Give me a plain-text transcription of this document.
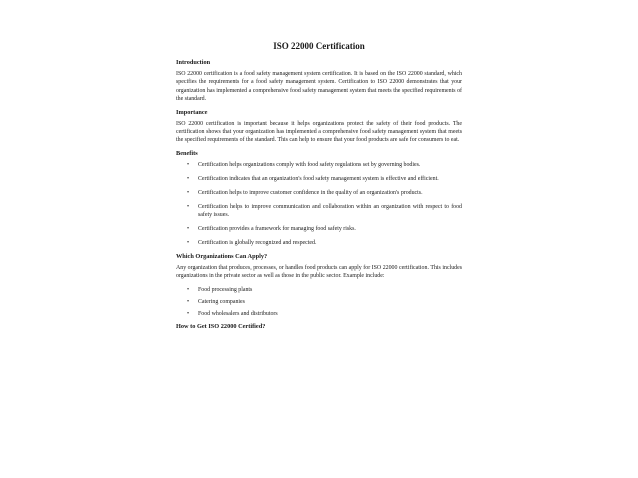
ISO 22000 Certification
Introduction
ISO 22000 certification is a food safety management system certification. It is based on the ISO 22000 standard, which specifies the requirements for a food safety management system. Certification to ISO 22000 demonstrates that your organization has implemented a comprehensive food safety management system that meets the specified requirements of the standard.
Importance
ISO 22000 certification is important because it helps organizations protect the safety of their food products. The certification shows that your organization has implemented a comprehensive food safety management system that meets the specified requirements of the standard. This can help to ensure that your food products are safe for consumers to eat.
Benefits
• Certification helps organizations comply with food safety regulations set by governing bodies.
• Certification indicates that an organization's food safety management system is effective and efficient.
• Certification helps to improve customer confidence in the quality of an organization's products.
• Certification helps to improve communication and collaboration within an organization with respect to food safety issues.
• Certification provides a framework for managing food safety risks.
• Certification is globally recognized and respected.
Which Organizations Can Apply?
Any organization that produces, processes, or handles food products can apply for ISO 22000 certification. This includes organizations in the private sector as well as those in the public sector. Example include:
• Food processing plants
• Catering companies
• Food wholesalers and distributors
How to Get ISO 22000 Certified?
